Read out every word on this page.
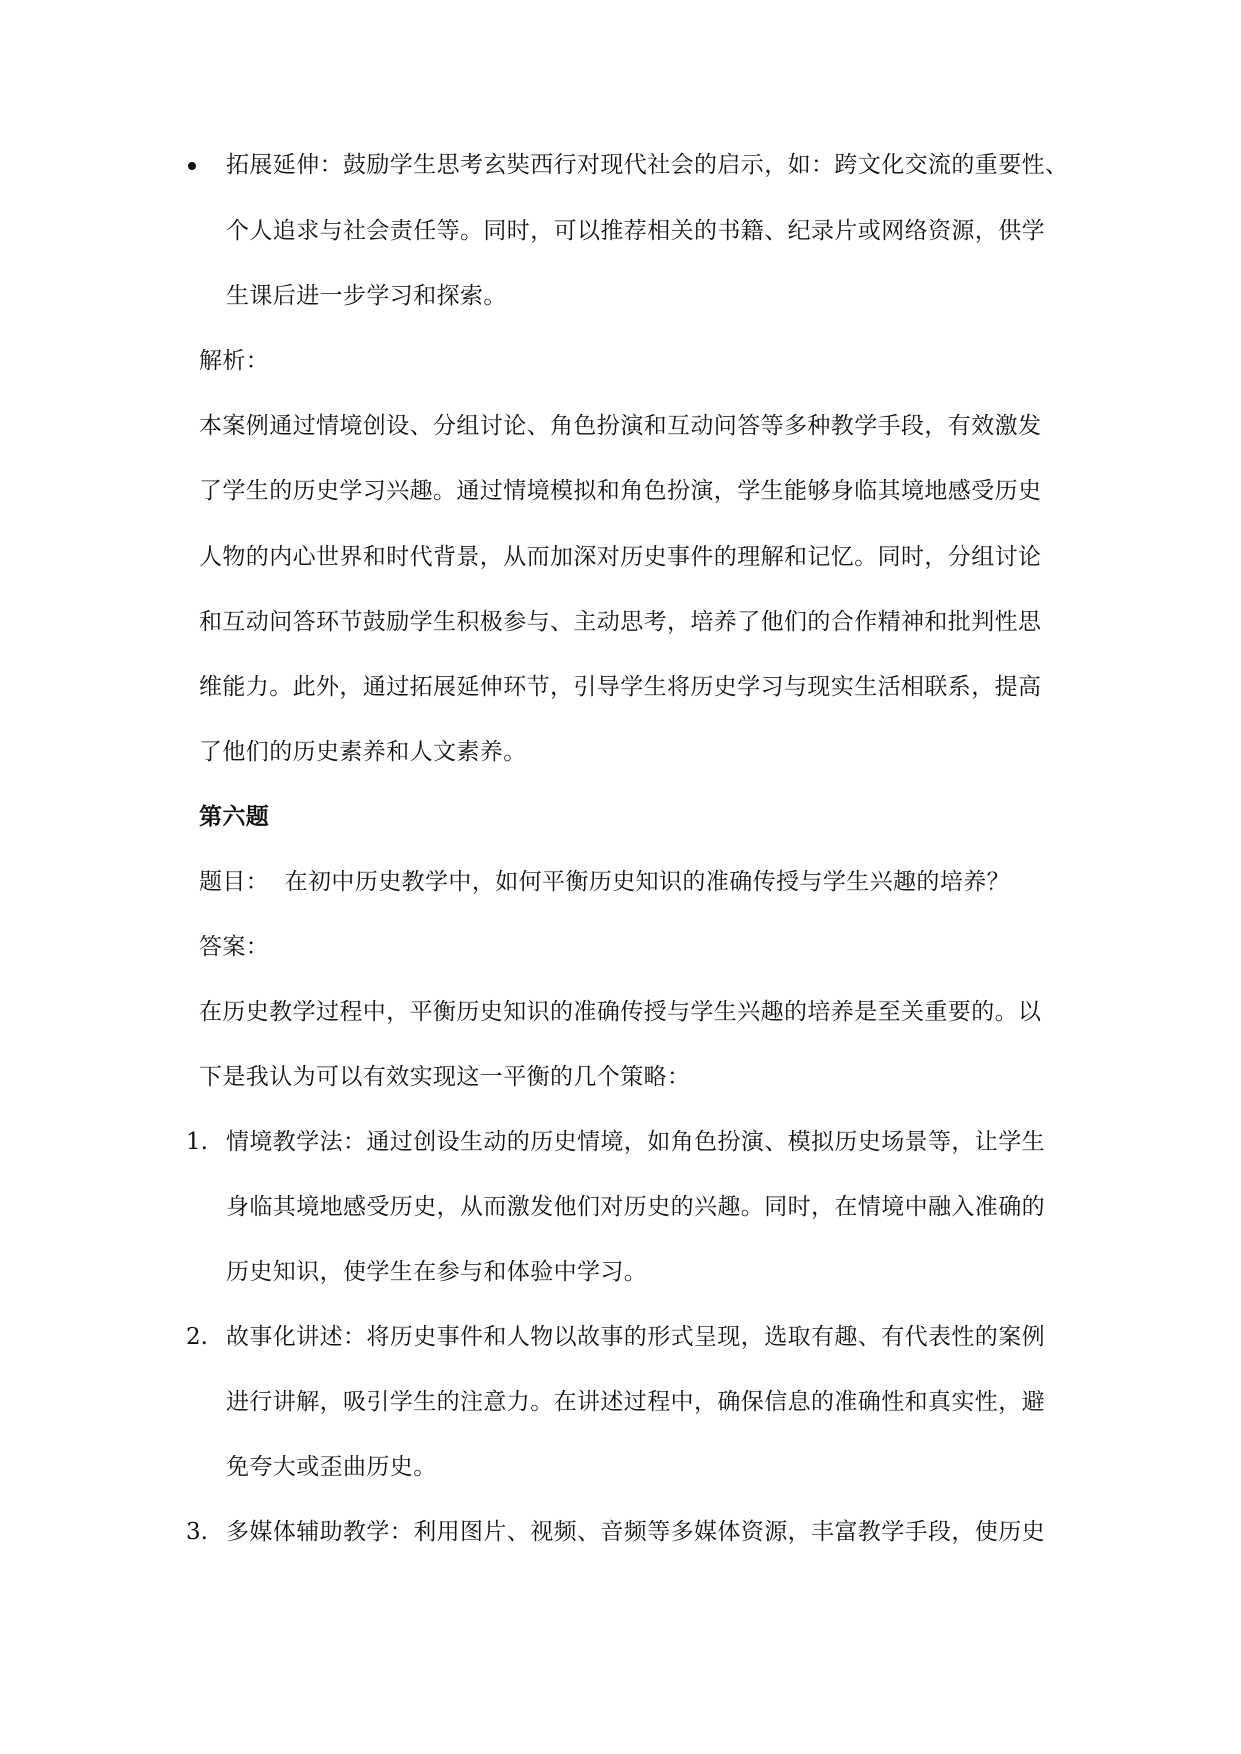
拓展延伸：鼓励学生思考玄奘西行对现代社会的启示，如：跨文化交流的重要性、
个人追求与社会责任等。同时，可以推荐相关的书籍、纪录片或网络资源，供学
生课后进一步学习和探索。
解析：
本案例通过情境创设、分组讨论、角色扮演和互动问答等多种教学手段，有效激发
了学生的历史学习兴趣。通过情境模拟和角色扮演，学生能够身临其境地感受历史
人物的内心世界和时代背景，从而加深对历史事件的理解和记忆。同时，分组讨论
和互动问答环节鼓励学生积极参与、主动思考，培养了他们的合作精神和批判性思
维能力。此外，通过拓展延伸环节，引导学生将历史学习与现实生活相联系，提高
了他们的历史素养和人文素养。
第六题
题目：  在初中历史教学中，如何平衡历史知识的准确传授与学生兴趣的培养？
答案：
在历史教学过程中，平衡历史知识的准确传授与学生兴趣的培养是至关重要的。以
下是我认为可以有效实现这一平衡的几个策略：
1. 情境教学法：通过创设生动的历史情境，如角色扮演、模拟历史场景等，让学生
身临其境地感受历史，从而激发他们对历史的兴趣。同时，在情境中融入准确的
历史知识，使学生在参与和体验中学习。
2. 故事化讲述：将历史事件和人物以故事的形式呈现，选取有趣、有代表性的案例
进行讲解，吸引学生的注意力。在讲述过程中，确保信息的准确性和真实性，避
免夸大或歪曲历史。
3. 多媒体辅助教学：利用图片、视频、音频等多媒体资源，丰富教学手段，使历史
